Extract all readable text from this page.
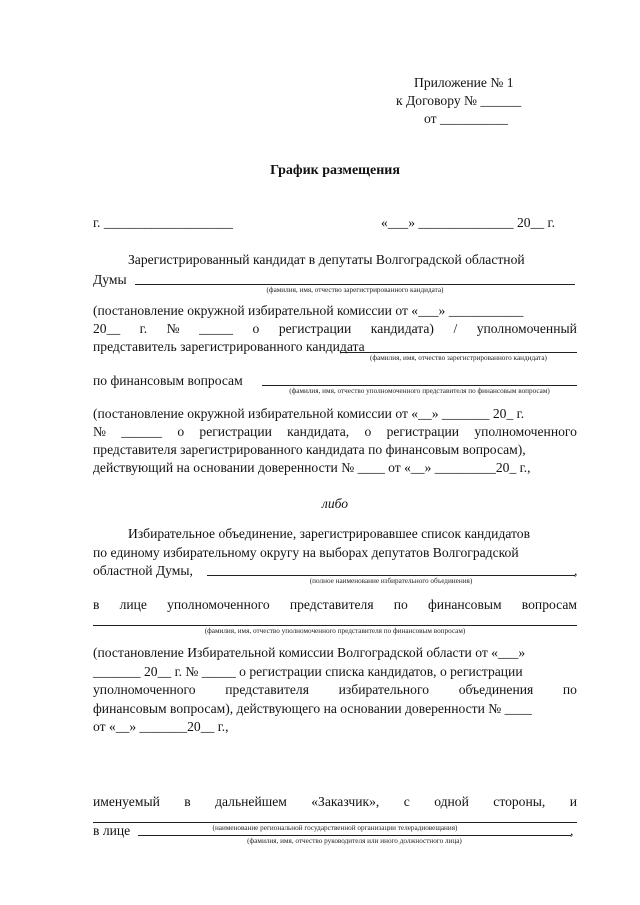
Приложение № 1
к Договору № ______
от __________
График размещения
г. ___________________	«___» ______________ 20__ г.
Зарегистрированный кандидат в депутаты Волгоградской областной
Думы
(фамилия, имя, отчество зарегистрированного кандидата)
(постановление окружной избирательной комиссии от «___» ___________
20__ г. № _____ о регистрации кандидата) / уполномоченный
представитель зарегистрированного кандидата
(фамилия, имя, отчество зарегистрированного кандидата)
по финансовым вопросам
(фамилия, имя, отчество уполномоченного представителя по финансовым вопросам)
(постановление окружной избирательной комиссии от «__» _______ 20_ г.
№ ______ о регистрации кандидата, о регистрации уполномоченного
представителя зарегистрированного кандидата по финансовым вопросам),
действующий на основании доверенности № ____ от «__» _________20_ г.,
либо
Избирательное объединение, зарегистрировавшее список кандидатов
по единому избирательному округу на выборах депутатов Волгоградской
областной Думы,	,
(полное наименование избирательного объединения)
в лице уполномоченного представителя по финансовым вопросам
(фамилия, имя, отчество уполномоченного представителя по финансовым вопросам)
(постановление Избирательной комиссии Волгоградской области от «___»
_______ 20__ г. № _____ о регистрации списка кандидатов, о регистрации
уполномоченного представителя избирательного объединения по
финансовым вопросам), действующего на основании доверенности № ____
от «__» _______20__ г.,
именуемый в дальнейшем «Заказчик», с одной стороны, и
(наименование региональной государственной организации телерадиовещания)
в лице	,
(фамилия, имя, отчество руководителя или иного должностного лица)
